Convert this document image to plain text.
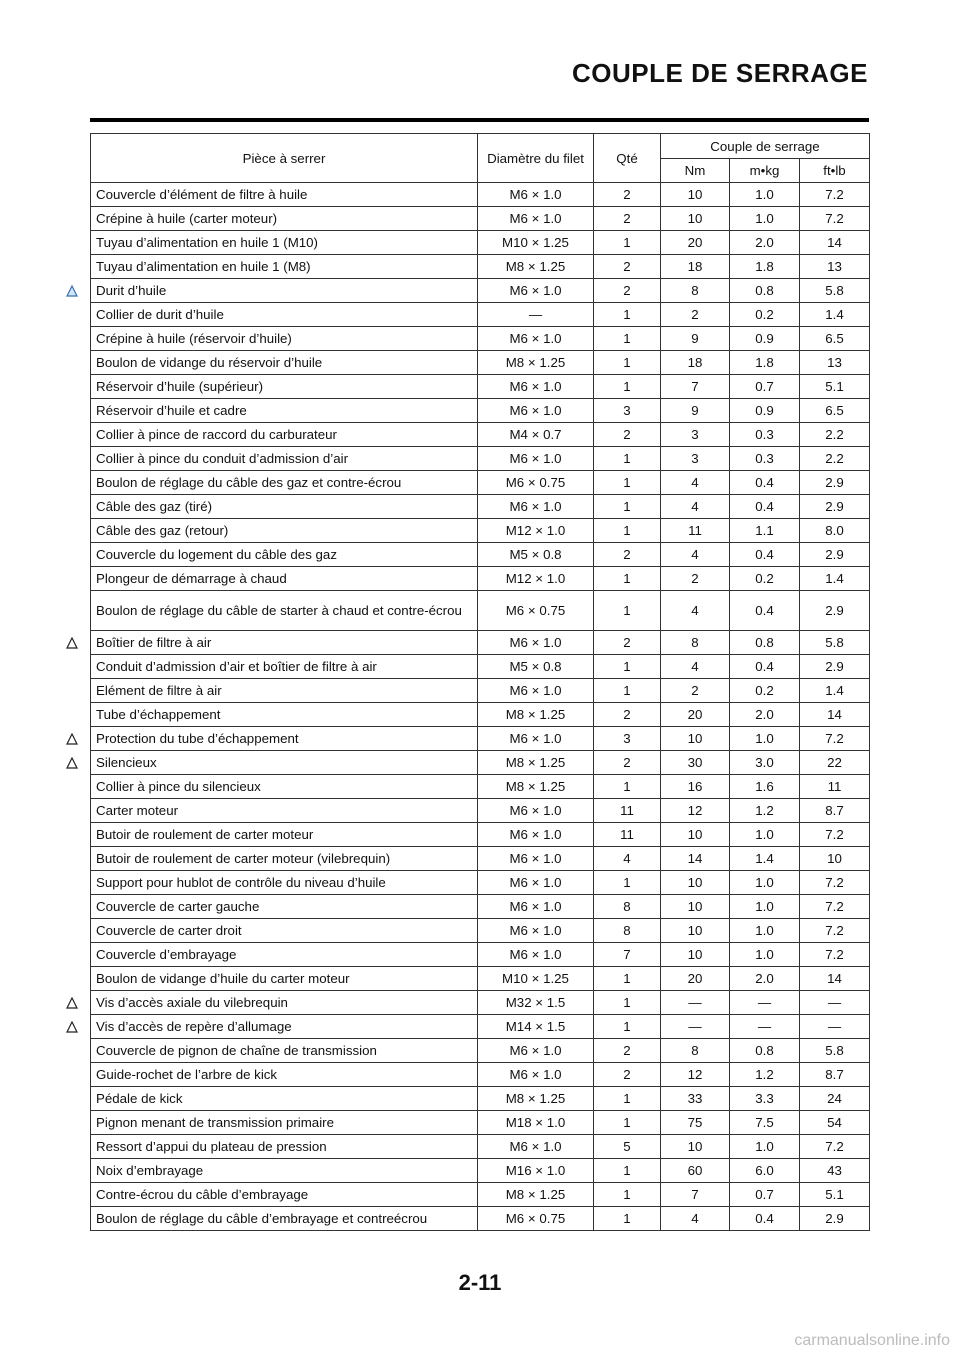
COUPLE DE SERRAGE
Pièce à serrer	Diamètre du filet	Qté	Couple de serrage		
			Nm	m•kg	ft•lb
Couvercle d’élément de filtre à huile	M6 × 1.0	2	10	1.0	7.2
Crépine à huile (carter moteur)	M6 × 1.0	2	10	1.0	7.2
Tuyau d’alimentation en huile 1 (M10)	M10 × 1.25	1	20	2.0	14
Tuyau d’alimentation en huile 1 (M8)	M8 × 1.25	2	18	1.8	13
Durit d’huile	M6 × 1.0	2	8	0.8	5.8
Collier de durit d’huile	—	1	2	0.2	1.4
Crépine à huile (réservoir d’huile)	M6 × 1.0	1	9	0.9	6.5
Boulon de vidange du réservoir d’huile	M8 × 1.25	1	18	1.8	13
Réservoir d’huile (supérieur)	M6 × 1.0	1	7	0.7	5.1
Réservoir d’huile et cadre	M6 × 1.0	3	9	0.9	6.5
Collier à pince de raccord du carburateur	M4 × 0.7	2	3	0.3	2.2
Collier à pince du conduit d’admission d’air	M6 × 1.0	1	3	0.3	2.2
Boulon de réglage du câble des gaz et contre-écrou	M6 × 0.75	1	4	0.4	2.9
Câble des gaz (tiré)	M6 × 1.0	1	4	0.4	2.9
Câble des gaz (retour)	M12 × 1.0	1	11	1.1	8.0
Couvercle du logement du câble des gaz	M5 × 0.8	2	4	0.4	2.9
Plongeur de démarrage à chaud	M12 × 1.0	1	2	0.2	1.4
Boulon de réglage du câble de starter à chaud et contre-écrou	M6 × 0.75	1	4	0.4	2.9
Boîtier de filtre à air	M6 × 1.0	2	8	0.8	5.8
Conduit d’admission d’air et boîtier de filtre à air	M5 × 0.8	1	4	0.4	2.9
Elément de filtre à air	M6 × 1.0	1	2	0.2	1.4
Tube d’échappement	M8 × 1.25	2	20	2.0	14
Protection du tube d’échappement	M6 × 1.0	3	10	1.0	7.2
Silencieux	M8 × 1.25	2	30	3.0	22
Collier à pince du silencieux	M8 × 1.25	1	16	1.6	11
Carter moteur	M6 × 1.0	11	12	1.2	8.7
Butoir de roulement de carter moteur	M6 × 1.0	11	10	1.0	7.2
Butoir de roulement de carter moteur (vilebrequin)	M6 × 1.0	4	14	1.4	10
Support pour hublot de contrôle du niveau d’huile	M6 × 1.0	1	10	1.0	7.2
Couvercle de carter gauche	M6 × 1.0	8	10	1.0	7.2
Couvercle de carter droit	M6 × 1.0	8	10	1.0	7.2
Couvercle d’embrayage	M6 × 1.0	7	10	1.0	7.2
Boulon de vidange d’huile du carter moteur	M10 × 1.25	1	20	2.0	14
Vis d’accès axiale du vilebrequin	M32 × 1.5	1	—	—	—
Vis d’accès de repère d’allumage	M14 × 1.5	1	—	—	—
Couvercle de pignon de chaîne de transmission	M6 × 1.0	2	8	0.8	5.8
Guide-rochet de l’arbre de kick	M6 × 1.0	2	12	1.2	8.7
Pédale de kick	M8 × 1.25	1	33	3.3	24
Pignon menant de transmission primaire	M18 × 1.0	1	75	7.5	54
Ressort d’appui du plateau de pression	M6 × 1.0	5	10	1.0	7.2
Noix d’embrayage	M16 × 1.0	1	60	6.0	43
Contre-écrou du câble d’embrayage	M8 × 1.25	1	7	0.7	5.1
Boulon de réglage du câble d’embrayage et contreécrou	M6 × 0.75	1	4	0.4	2.9
2-11
carmanualsonline.info
